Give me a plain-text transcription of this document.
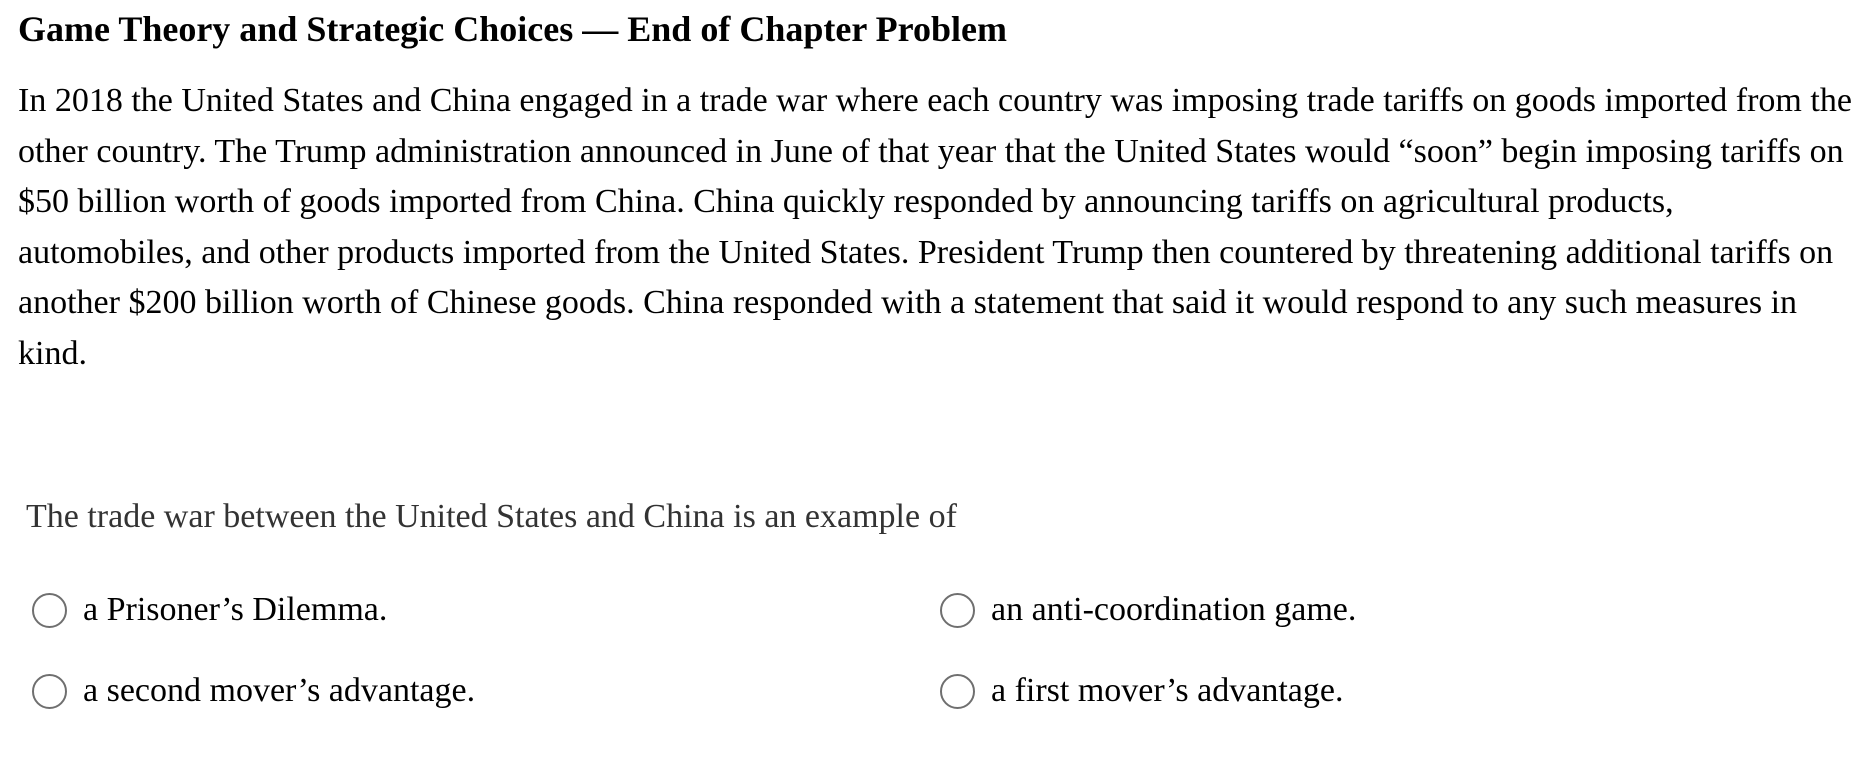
Game Theory and Strategic Choices — End of Chapter Problem

In 2018 the United States and China engaged in a trade war where each country was imposing trade tariffs on goods imported from the other country. The Trump administration announced in June of that year that the United States would “soon” begin imposing tariffs on $50 billion worth of goods imported from China. China quickly responded by announcing tariffs on agricultural products, automobiles, and other products imported from the United States. President Trump then countered by threatening additional tariffs on another $200 billion worth of Chinese goods. China responded with a statement that said it would respond to any such measures in kind.

The trade war between the United States and China is an example of

a Prisoner’s Dilemma.	an anti-coordination game.
a second mover’s advantage.	a first mover’s advantage.
